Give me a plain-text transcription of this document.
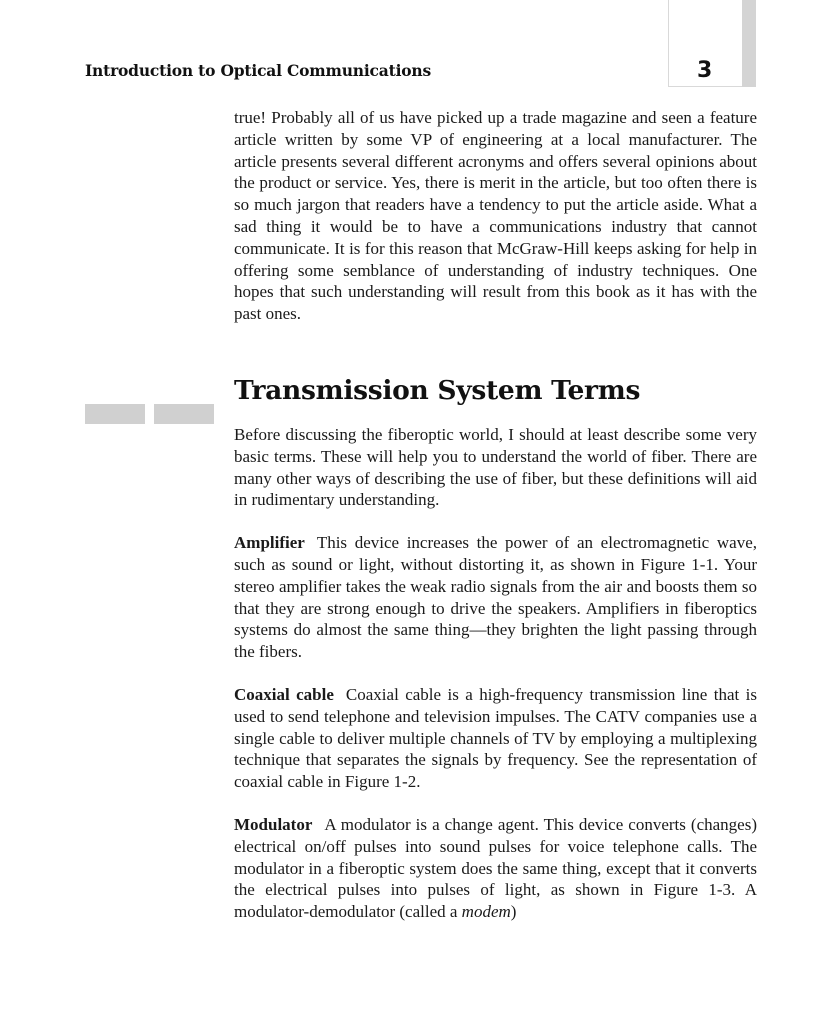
Introduction to Optical Communications	3

true! Probably all of us have picked up a trade magazine and seen a feature article written by some VP of engineering at a local manufacturer. The article presents several different acronyms and offers several opinions about the product or service. Yes, there is merit in the article, but too often there is so much jargon that readers have a tendency to put the article aside. What a sad thing it would be to have a communications industry that cannot communicate. It is for this reason that McGraw-Hill keeps asking for help in offering some semblance of understanding of industry techniques. One hopes that such understanding will result from this book as it has with the past ones.

Transmission System Terms

Before discussing the fiberoptic world, I should at least describe some very basic terms. These will help you to understand the world of fiber. There are many other ways of describing the use of fiber, but these definitions will aid in rudimentary understanding.

Amplifier This device increases the power of an electromagnetic wave, such as sound or light, without distorting it, as shown in Figure 1-1. Your stereo amplifier takes the weak radio signals from the air and boosts them so that they are strong enough to drive the speakers. Amplifiers in fiberoptics systems do almost the same thing—they brighten the light passing through the fibers.

Coaxial cable Coaxial cable is a high-frequency transmission line that is used to send telephone and television impulses. The CATV companies use a single cable to deliver multiple channels of TV by employing a multiplexing technique that separates the signals by frequency. See the representation of coaxial cable in Figure 1-2.

Modulator A modulator is a change agent. This device converts (changes) electrical on/off pulses into sound pulses for voice telephone calls. The modulator in a fiberoptic system does the same thing, except that it converts the electrical pulses into pulses of light, as shown in Figure 1-3. A modulator-demodulator (called a modem)
